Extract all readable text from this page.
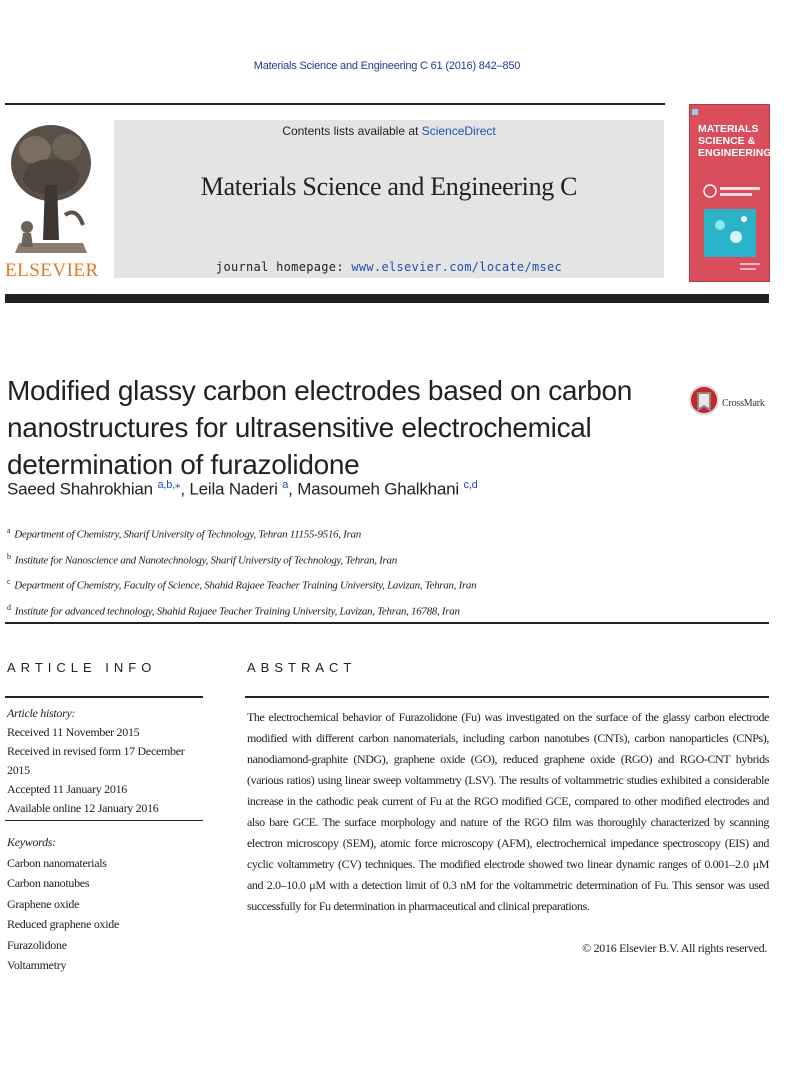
Materials Science and Engineering C 61 (2016) 842–850
ELSEVIER
Contents lists available at ScienceDirect
Materials Science and Engineering C
journal homepage: www.elsevier.com/locate/msec
MATERIALS SCIENCE & ENGINEERING
Modified glassy carbon electrodes based on carbon nanostructures for ultrasensitive electrochemical determination of furazolidone
CrossMark
Saeed Shahrokhian $^{a,b,⁎}$, Leila Naderi $^a$, Masoumeh Ghalkhani $^{c,d}$
$^a$ Department of Chemistry, Sharif University of Technology, Tehran 11155-9516, Iran
$^b$ Institute for Nanoscience and Nanotechnology, Sharif University of Technology, Tehran, Iran
$^c$ Department of Chemistry, Faculty of Science, Shahid Rajaee Teacher Training University, Lavizan, Tehran, Iran
$^d$ Institute for advanced technology, Shahid Rajaee Teacher Training University, Lavizan, Tehran, 16788, Iran
ARTICLE INFO
Article history:
Received 11 November 2015
Received in revised form 17 December 2015
Accepted 11 January 2016
Available online 12 January 2016
Keywords:
Carbon nanomaterials
Carbon nanotubes
Graphene oxide
Reduced graphene oxide
Furazolidone
Voltammetry
ABSTRACT
The electrochemical behavior of Furazolidone (Fu) was investigated on the surface of the glassy carbon electrode modified with different carbon nanomaterials, including carbon nanotubes (CNTs), carbon nanoparticles (CNPs), nanodiamond-graphite (NDG), graphene oxide (GO), reduced graphene oxide (RGO) and RGO-CNT hybrids (various ratios) using linear sweep voltammetry (LSV). The results of voltammetric studies exhibited a considerable increase in the cathodic peak current of Fu at the RGO modified GCE, compared to other modified electrodes and also bare GCE. The surface morphology and nature of the RGO film was thoroughly characterized by scanning electron microscopy (SEM), atomic force microscopy (AFM), electrochemical impedance spectroscopy (EIS) and cyclic voltammetry (CV) techniques. The modified electrode showed two linear dynamic ranges of 0.001–2.0 μM and 2.0–10.0 μM with a detection limit of 0.3 nM for the voltammetric determination of Fu. This sensor was used successfully for Fu determination in pharmaceutical and clinical preparations.
© 2016 Elsevier B.V. All rights reserved.
